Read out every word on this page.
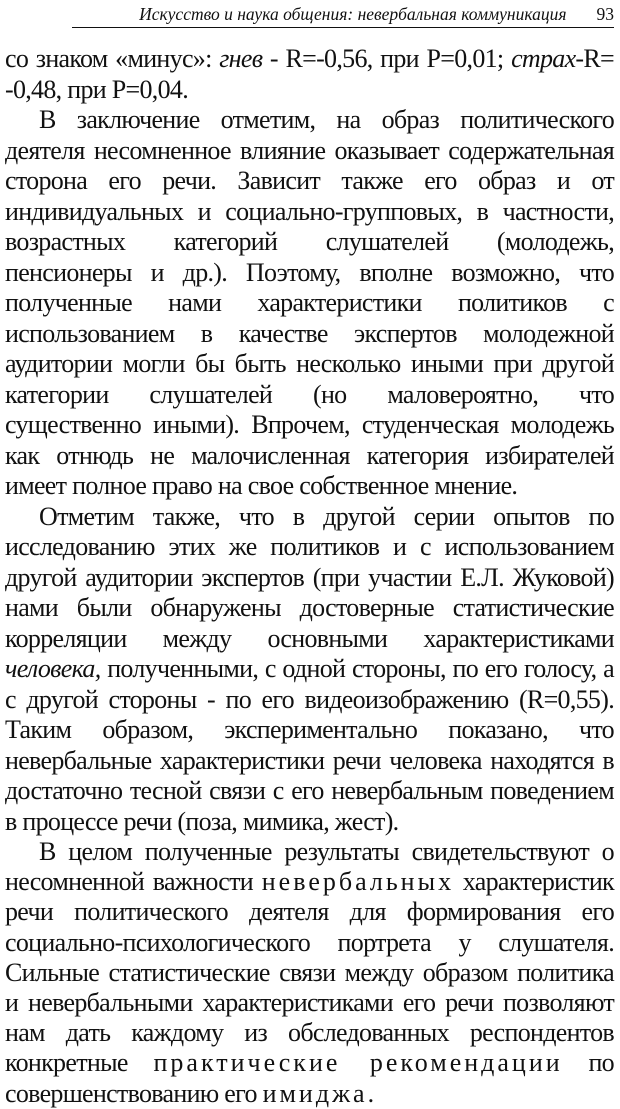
Искусство и наука общения: невербальная коммуникация 93

со знаком «минус»: гнев - R=-0,56, при P=0,01; страх-R= -0,48, при P=0,04.

В заключение отметим, на образ политического деятеля несомненное влияние оказывает содержательная сторона его речи. Зависит также его образ и от индивидуальных и социально-групповых, в частности, возрастных категорий слушателей (молодежь, пенсионеры и др.). Поэтому, вполне возможно, что полученные нами характеристики политиков с использованием в качестве экспертов молодежной аудитории могли бы быть несколько иными при другой категории слушателей (но маловероятно, что существенно иными). Впрочем, студенческая молодежь как отнюдь не малочисленная категория избирателей имеет полное право на свое собственное мнение.

Отметим также, что в другой серии опытов по исследованию этих же политиков и с использованием другой аудитории экспертов (при участии Е.Л. Жуковой) нами были обнаружены достоверные статистические корреляции между основными характеристиками человека, полученными, с одной стороны, по его голосу, а с другой стороны - по его видеоизображению (R=0,55). Таким образом, экспериментально показано, что невербальные характеристики речи человека находятся в достаточно тесной связи с его невербальным поведением в процессе речи (поза, мимика, жест).

В целом полученные результаты свидетельствуют о несомненной важности невербальных характеристик речи политического деятеля для формирования его социально-психологического портрета у слушателя. Сильные статистические связи между образом политика и невербальными характеристиками его речи позволяют нам дать каждому из обследованных респондентов конкретные практические рекомендации по совершенствованию его имиджа.
